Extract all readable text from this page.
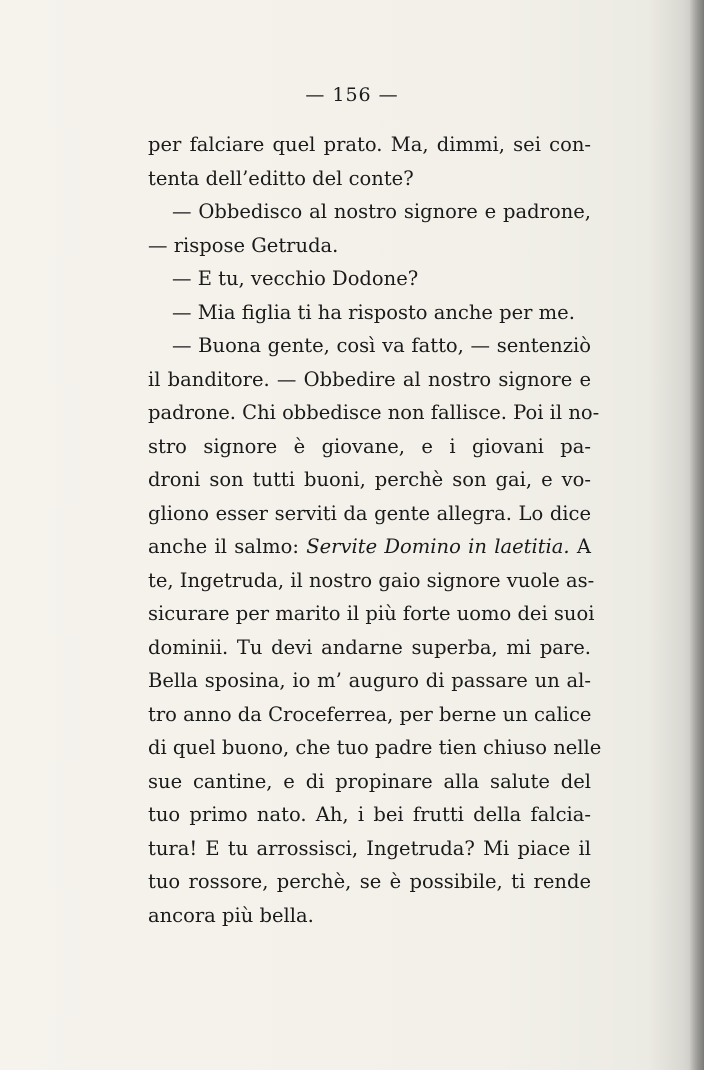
— 156 —
per falciare quel prato. Ma, dimmi, sei con-
tenta dell’editto del conte?
— Obbedisco al nostro signore e padrone,
— rispose Getruda.
— E tu, vecchio Dodone?
— Mia figlia ti ha risposto anche per me.
— Buona gente, così va fatto, — sentenziò
il banditore. — Obbedire al nostro signore e
padrone. Chi obbedisce non fallisce. Poi il no-
stro signore è giovane, e i giovani pa-
droni son tutti buoni, perchè son gai, e vo-
gliono esser serviti da gente allegra. Lo dice
anche il salmo: Servite Domino in laetitia. A
te, Ingetruda, il nostro gaio signore vuole as-
sicurare per marito il più forte uomo dei suoi
dominii. Tu devi andarne superba, mi pare.
Bella sposina, io m’ auguro di passare un al-
tro anno da Croceferrea, per berne un calice
di quel buono, che tuo padre tien chiuso nelle
sue cantine, e di propinare alla salute del
tuo primo nato. Ah, i bei frutti della falcia-
tura! E tu arrossisci, Ingetruda? Mi piace il
tuo rossore, perchè, se è possibile, ti rende
ancora più bella.
